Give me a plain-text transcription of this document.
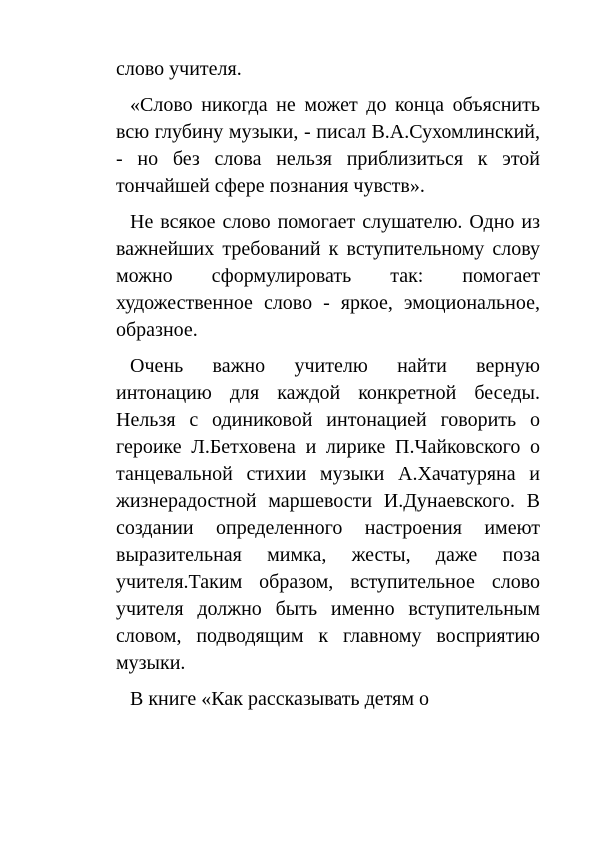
слово учителя.

«Слово никогда не может до конца объяснить всю глубину музыки, - писал В.А.Сухомлинский, - но без слова нельзя приблизиться к этой тончайшей сфере познания чувств».

Не всякое слово помогает слушателю. Одно из важнейших требований к вступительному слову можно сформулировать так: помогает художественное слово - яркое, эмоциональное, образное.

Очень важно учителю найти верную интонацию для каждой конкретной беседы. Нельзя с одиниковой интонацией говорить о героике Л.Бетховена и лирике П.Чайковского о танцевальной стихии музыки А.Хачатуряна и жизнерадостной маршевости И.Дунаевского. В создании определенного настроения имеют выразительная мимка, жесты, даже поза учителя.Таким образом, вступительное слово учителя должно быть именно вступительным словом, подводящим к главному восприятию музыки.

В книге «Как рассказывать детям о
